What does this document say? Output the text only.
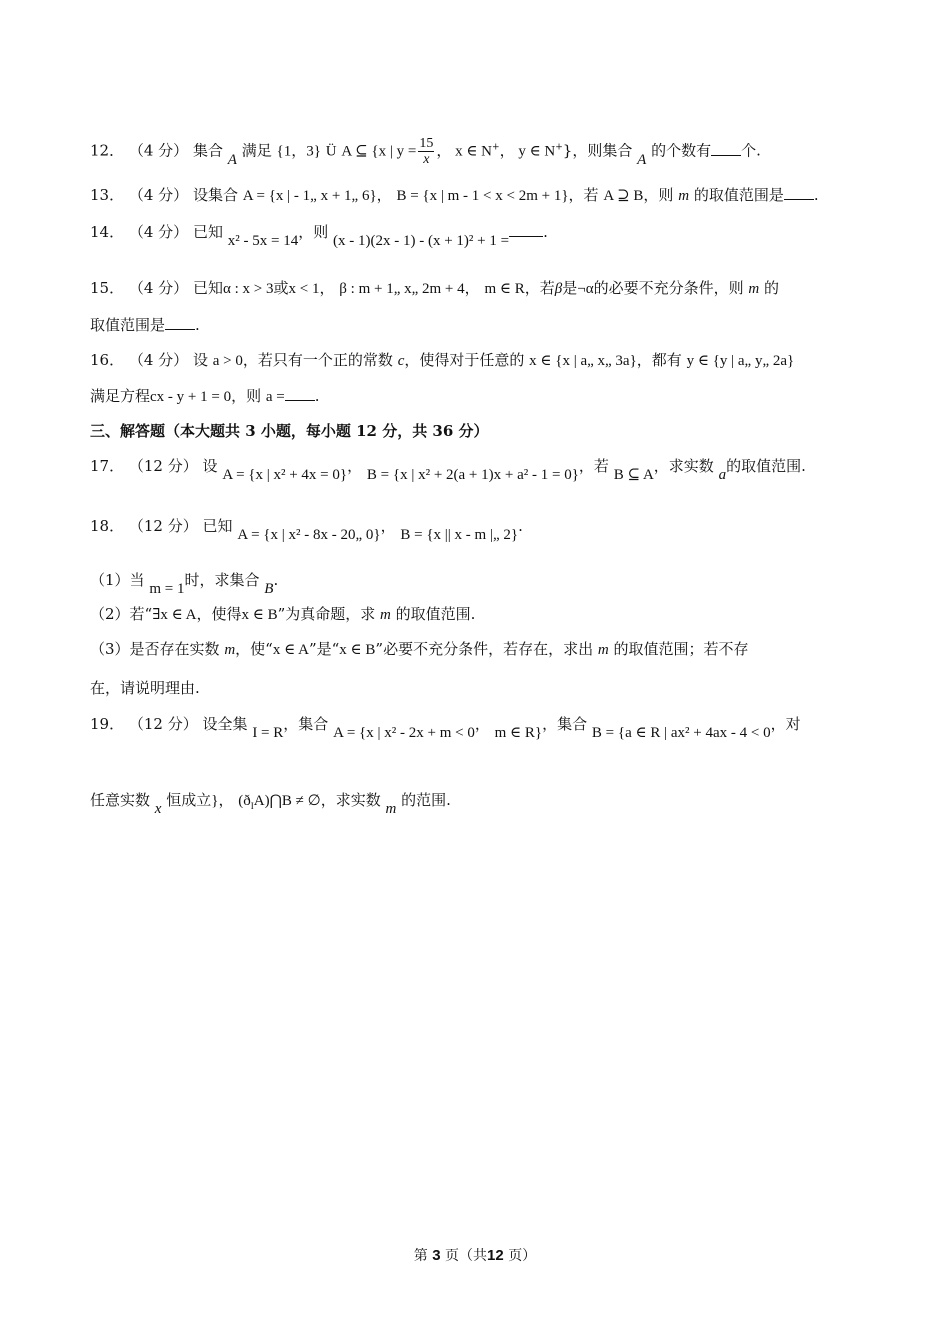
12． （4 分） 集合 A 满足 {1，3} Ü A ⊆ {x | $y = \frac{15}{x}$ ， x ∈ N+， y ∈ N+}，则集合 A 的个数有 个.
13． （4 分） 设集合 A = {x | - 1„ x + 1„ 6}， B = {x | m - 1 < x < 2m + 1}，若 A ⊇ B，则 m 的取值范围是 .
14． （4 分） 已知 x² - 5x = 14，则 (x - 1)(2x - 1) - (x + 1)² + 1 = .
15． （4 分） 已知α : x > 3或x < 1， β : m + 1„ x„ 2m + 4， m ∈ R，若β是¬α的必要不充分条件，则 m 的
取值范围是 .
16． （4 分） 设 a > 0，若只有一个正的常数 c，使得对于任意的 x ∈ {x | a„ x„ 3a}，都有 y ∈ {y | a„ y„ 2a}
满足方程cx - y + 1 = 0，则 a = .
三、解答题（本大题共 3 小题，每小题 12 分，共 36 分）
17． （12 分） 设 A = {x | x² + 4x = 0}， B = {x | x² + 2(a + 1)x + a² - 1 = 0}，若 B ⊆ A，求实数 a的取值范围.
18． （12 分） 已知 A = {x | x² - 8x - 20„ 0}， B = {x || x - m |„ 2}.
（1）当 m = 1时，求集合 B.
（2）若“∃x ∈ A，使得x ∈ B”为真命题，求 m 的取值范围.
（3）是否存在实数 m，使“x ∈ A”是“x ∈ B”必要不充分条件，若存在，求出 m 的取值范围；若不存
在，请说明理由.
19． （12 分） 设全集 I = R，集合 A = {x | x² - 2x + m < 0， m ∈ R}，集合 B = {a ∈ R | ax² + 4ax - 4 < 0，对
任意实数 x 恒成立}， $(ð_IA)⋂B$ ≠ ∅，求实数 m 的范围.
第 3 页（共12 页）
